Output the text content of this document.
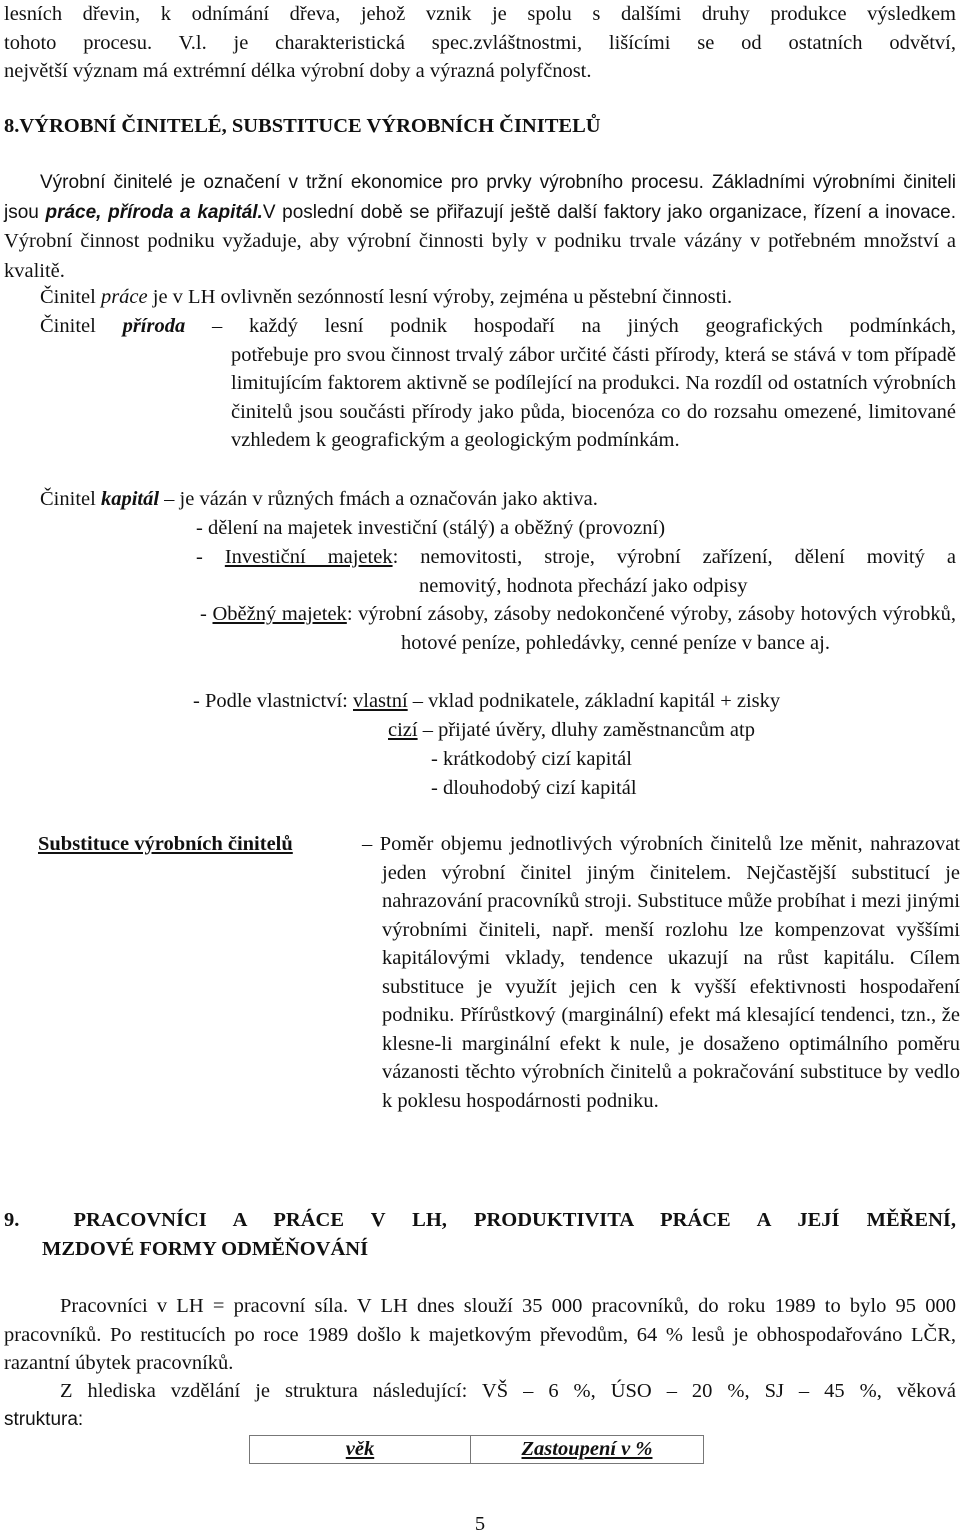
lesních dřevin, k odnímání dřeva, jehož vznik je spolu s dalšími druhy produkce výsledkem

tohoto procesu. V.l. je charakteristická spec.zvláštnostmi, lišícími se od ostatních odvětví,

největší význam má extrémní délka výrobní doby a výrazná polyfčnost.

8.VÝROBNÍ ČINITELÉ, SUBSTITUCE VÝROBNÍCH ČINITELŮ
Výrobní činitelé je označení v tržní ekonomice pro prvky výrobního procesu. Základními výrobními činiteli jsou práce, příroda a kapitál.V poslední době se přiřazují ještě další faktory jako organizace, řízení a inovace. Výrobní činnost podniku vyžaduje, aby výrobní činnosti byly v podniku trvale vázány v potřebném množství a kvalitě.
Činitel práce je v LH ovlivněn sezónností lesní výroby, zejména u pěstební činnosti.

Činitel příroda – každý lesní podnik hospodaří na jiných geografických podmínkách,

potřebuje pro svou činnost trvalý zábor určité části přírody, která se stává v tom případě limitujícím faktorem aktivně se podílející na produkci. Na rozdíl od ostatních výrobních činitelů jsou součásti přírody jako půda, biocenóza co do rozsahu omezené, limitované vzhledem k geografickým a geologickým podmínkám.

Činitel kapitál – je vázán v různých fmách a označován jako aktiva.

- dělení na majetek investiční (stálý) a oběžný (provozní)

- Investiční majetek: nemovitosti, stroje, výrobní zařízení, dělení movitý a

nemovitý, hodnota přechází jako odpisy

- Oběžný majetek: výrobní zásoby, zásoby nedokončené výroby, zásoby hotových výrobků, hotové peníze, pohledávky, cenné peníze v bance aj.

- Podle vlastnictví: vlastní – vklad podnikatele, základní kapitál + zisky

cizí – přijaté úvěry, dluhy zaměstnancům atp

- krátkodobý cizí kapitál

- dlouhodobý cizí kapitál

Substituce výrobních činitelů	– Poměr objemu jednotlivých výrobních činitelů lze měnit, nahrazovat jeden výrobní činitel jiným činitelem. Nejčastější substitucí je nahrazování pracovníků stroji. Substituce může probíhat i mezi jinými výrobními činiteli, např. menší rozlohu lze kompenzovat vyššími kapitálovými vklady, tendence ukazují na růst kapitálu. Cílem substituce je využít jejich cen k vyšší efektivnosti hospodaření podniku. Přírůstkový (marginální) efekt má klesající tendenci, tzn., že klesne-li marginální efekt k nule, je dosaženo optimálního poměru vázanosti těchto výrobních činitelů a pokračování substituce by vedlo k poklesu hospodárnosti podniku.

9.	PRACOVNÍCI A PRÁCE V LH, PRODUKTIVITA PRÁCE A JEJÍ MĚŘENÍ,

MZDOVÉ FORMY ODMĚŇOVÁNÍ

Pracovníci v LH = pracovní síla. V LH dnes slouží 35 000 pracovníků, do roku 1989 to bylo 95 000 pracovníků. Po restitucích po roce 1989 došlo k majetkovým převodům, 64 % lesů je obhospodařováno LČR, razantní úbytek pracovníků.

Z hlediska vzdělání je struktura následující: VŠ – 6 %, ÚSO – 20 %, SJ – 45 %, věková

struktura:

věk	Zastoupení v %
5
